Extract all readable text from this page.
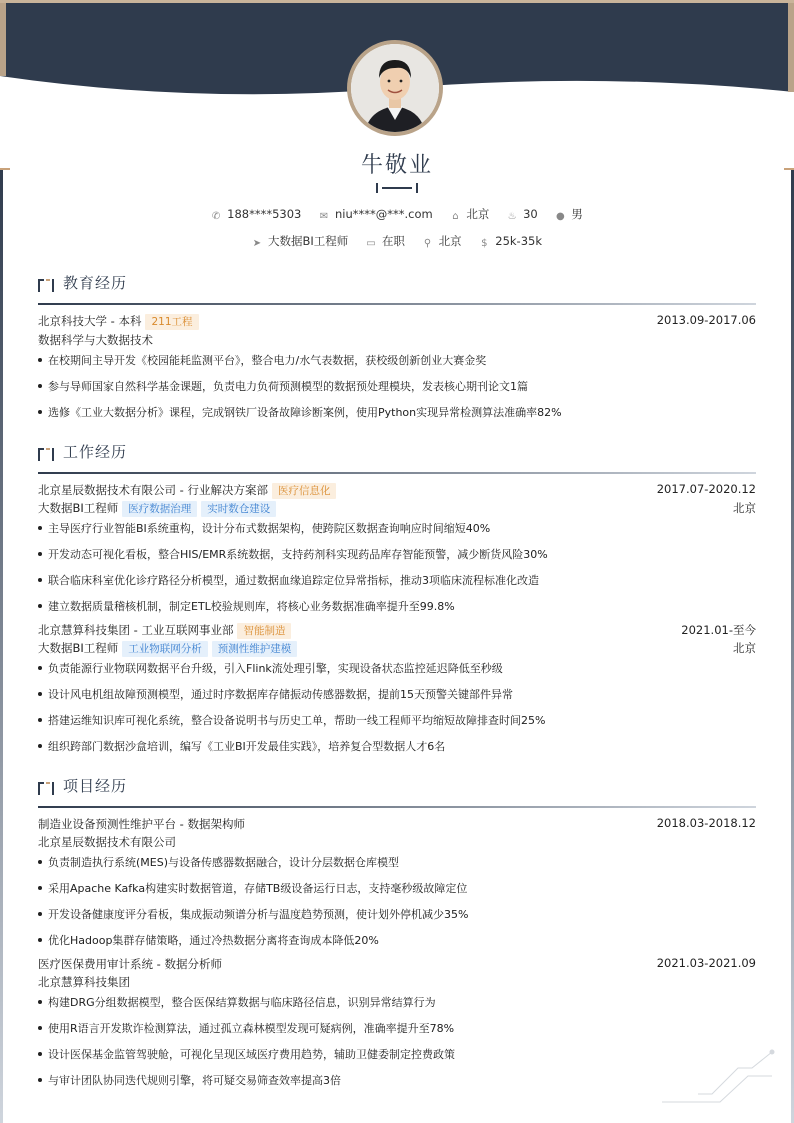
牛敬业
✆ 188****5303 ✉ niu****@***.com ⌂ 北京 ♨ 30 ● 男
➤ 大数据BI工程师 ▭ 在职 ⚲ 北京 $ 25k-35k
教育经历
北京科技大学 - 本科 211工程	2013.09-2017.06
数据科学与大数据技术
在校期间主导开发《校园能耗监测平台》，整合电力/水气表数据，获校级创新创业大赛金奖
参与导师国家自然科学基金课题，负责电力负荷预测模型的数据预处理模块，发表核心期刊论文1篇
选修《工业大数据分析》课程，完成钢铁厂设备故障诊断案例，使用Python实现异常检测算法准确率82%
工作经历
北京星辰数据技术有限公司 - 行业解决方案部 医疗信息化	2017.07-2020.12
大数据BI工程师 医疗数据治理 实时数仓建设	北京
主导医疗行业智能BI系统重构，设计分布式数据架构，使跨院区数据查询响应时间缩短40%
开发动态可视化看板，整合HIS/EMR系统数据，支持药剂科实现药品库存智能预警，减少断货风险30%
联合临床科室优化诊疗路径分析模型，通过数据血缘追踪定位异常指标，推动3项临床流程标准化改造
建立数据质量稽核机制，制定ETL校验规则库，将核心业务数据准确率提升至99.8%
北京慧算科技集团 - 工业互联网事业部 智能制造	2021.01-至今
大数据BI工程师 工业物联网分析 预测性维护建模	北京
负责能源行业物联网数据平台升级，引入Flink流处理引擎，实现设备状态监控延迟降低至秒级
设计风电机组故障预测模型，通过时序数据库存储振动传感器数据，提前15天预警关键部件异常
搭建运维知识库可视化系统，整合设备说明书与历史工单，帮助一线工程师平均缩短故障排查时间25%
组织跨部门数据沙盒培训，编写《工业BI开发最佳实践》，培养复合型数据人才6名
项目经历
制造业设备预测性维护平台 - 数据架构师	2018.03-2018.12
北京星辰数据技术有限公司
负责制造执行系统(MES)与设备传感器数据融合，设计分层数据仓库模型
采用Apache Kafka构建实时数据管道，存储TB级设备运行日志，支持毫秒级故障定位
开发设备健康度评分看板，集成振动频谱分析与温度趋势预测，使计划外停机减少35%
优化Hadoop集群存储策略，通过冷热数据分离将查询成本降低20%
医疗医保费用审计系统 - 数据分析师	2021.03-2021.09
北京慧算科技集团
构建DRG分组数据模型，整合医保结算数据与临床路径信息，识别异常结算行为
使用R语言开发欺诈检测算法，通过孤立森林模型发现可疑病例，准确率提升至78%
设计医保基金监管驾驶舱，可视化呈现区域医疗费用趋势，辅助卫健委制定控费政策
与审计团队协同迭代规则引擎，将可疑交易筛查效率提高3倍
